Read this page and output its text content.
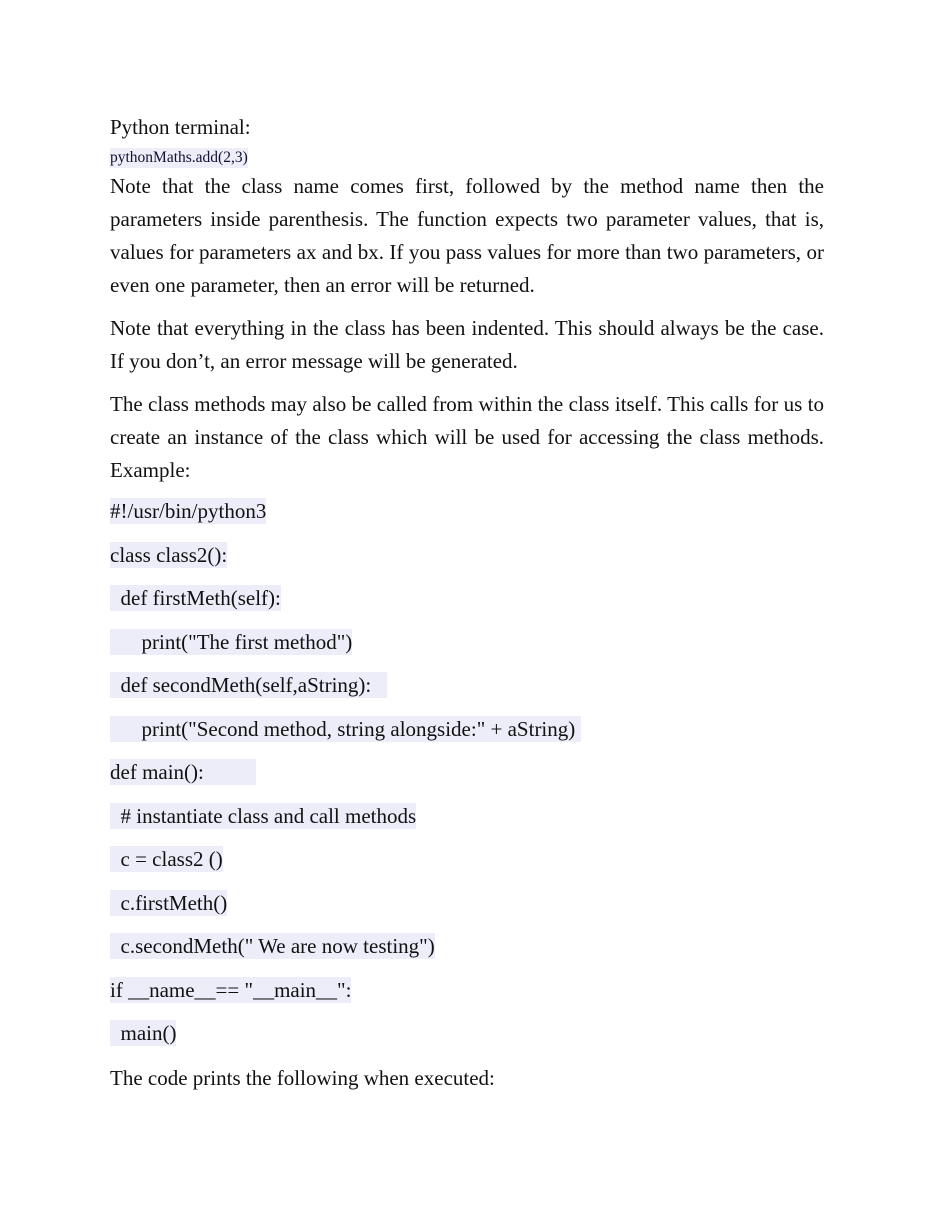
Python terminal:

pythonMaths.add(2,3)

Note that the class name comes first, followed by the method name then the parameters inside parenthesis. The function expects two parameter values, that is, values for parameters ax and bx. If you pass values for more than two parameters, or even one parameter, then an error will be returned.

Note that everything in the class has been indented. This should always be the case. If you don’t, an error message will be generated.

The class methods may also be called from within the class itself. This calls for us to create an instance of the class which will be used for accessing the class methods. Example:

#!/usr/bin/python3
class class2():
def firstMeth(self):
print("The first method")
def secondMeth(self,aString):
print("Second method, string alongside:" + aString)
def main():
# instantiate class and call methods
c = class2 ()
c.firstMeth()
c.secondMeth(" We are now testing")
if __name__== "__main__":
main()

The code prints the following when executed:
